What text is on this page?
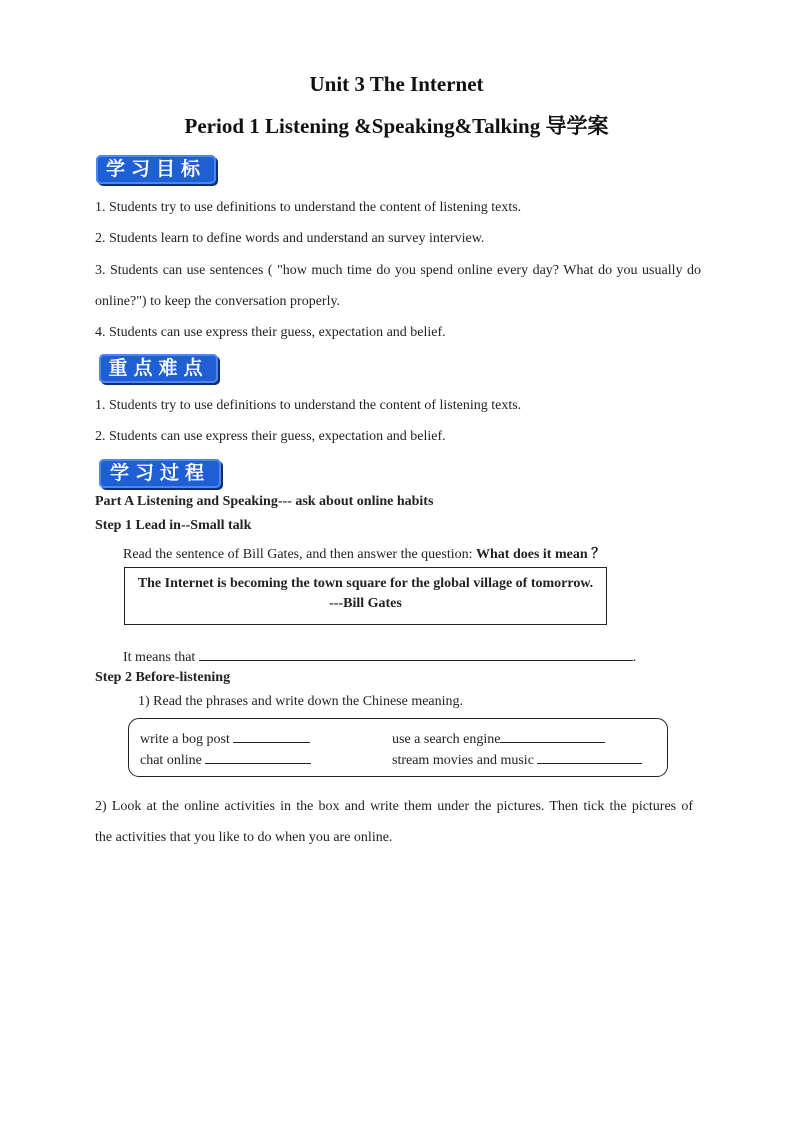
Unit 3 The Internet
Period 1 Listening &Speaking&Talking 导学案
学习目标
1. Students try to use definitions to understand the content of listening texts.
2. Students learn to define words and understand an survey interview.
3. Students can use sentences ( "how much time do you spend online every day? What do you usually do
online?") to keep the conversation properly.
4. Students can use express their guess, expectation and belief.
重点难点
1. Students try to use definitions to understand the content of listening texts.
2. Students can use express their guess, expectation and belief.
学习过程
Part A Listening and Speaking--- ask about online habits
Step 1 Lead in--Small talk
Read the sentence of Bill Gates, and then answer the question: What does it mean ？
The Internet is becoming the town square for the global village of tomorrow.
---Bill Gates
It means that	.
Step 2 Before-listening
1) Read the phrases and write down the Chinese meaning.
write a bog post	use a search engine
chat online	stream movies and music
2) Look at the online activities in the box and write them under the pictures. Then tick the pictures of
the activities that you like to do when you are online.
